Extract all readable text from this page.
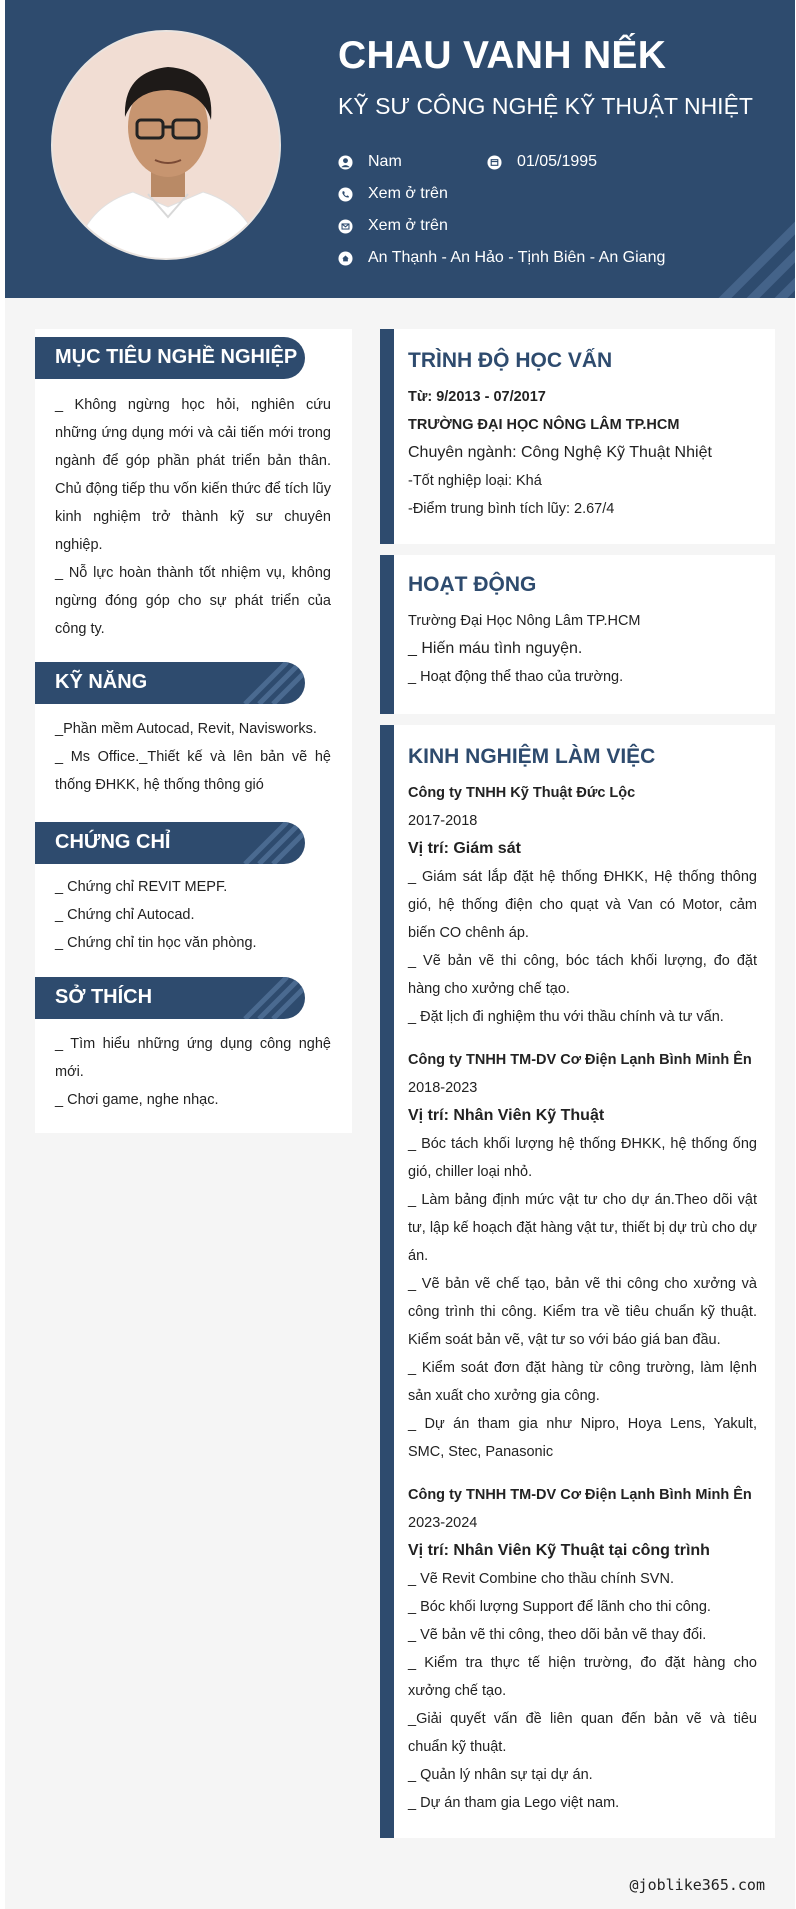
CHAU VANH NẾK
KỸ SƯ CÔNG NGHỆ KỸ THUẬT NHIỆT
Nam	01/05/1995
Xem ở trên
Xem ở trên
An Thạnh - An Hảo - Tịnh Biên - An Giang
MỤC TIÊU NGHỀ NGHIỆP
_ Không ngừng học hỏi, nghiên cứu những ứng dụng mới và cải tiến mới trong ngành để góp phần phát triển bản thân. Chủ động tiếp thu vốn kiến thức để tích lũy kinh nghiệm trở thành kỹ sư chuyên nghiệp.
_ Nỗ lực hoàn thành tốt nhiệm vụ, không ngừng đóng góp cho sự phát triển của công ty.
KỸ NĂNG
_Phần mềm Autocad, Revit, Navisworks.
_ Ms Office._Thiết kế và lên bản vẽ hệ thống ĐHKK, hệ thống thông gió
CHỨNG CHỈ
_ Chứng chỉ REVIT MEPF.
_ Chứng chỉ Autocad.
_ Chứng chỉ tin học văn phòng.
SỞ THÍCH
_ Tìm hiểu những ứng dụng công nghệ mới.
_ Chơi game, nghe nhạc.
TRÌNH ĐỘ HỌC VẤN
Từ: 9/2013 - 07/2017
TRƯỜNG ĐẠI HỌC NÔNG LÂM TP.HCM
Chuyên ngành: Công Nghệ Kỹ Thuật Nhiệt
-Tốt nghiệp loại: Khá
-Điểm trung bình tích lũy: 2.67/4
HOẠT ĐỘNG
Trường Đại Học Nông Lâm TP.HCM
_ Hiến máu tình nguyện.
_ Hoạt động thể thao của trường.
KINH NGHIỆM LÀM VIỆC
Công ty TNHH Kỹ Thuật Đức Lộc
2017-2018
Vị trí: Giám sát
_ Giám sát lắp đặt hệ thống ĐHKK, Hệ thống thông gió, hệ thống điện cho quạt và Van có Motor, cảm biến CO chênh áp.
_ Vẽ bản vẽ thi công, bóc tách khối lượng, đo đặt hàng cho xưởng chế tạo.
_ Đặt lịch đi nghiệm thu với thầu chính và tư vấn.
Công ty TNHH TM-DV Cơ Điện Lạnh Bình Minh Ên
2018-2023
Vị trí: Nhân Viên Kỹ Thuật
_ Bóc tách khối lượng hệ thống ĐHKK, hệ thống ống gió, chiller loại nhỏ.
_ Làm bảng định mức vật tư cho dự án.Theo dõi vật tư, lập kế hoạch đặt hàng vật tư, thiết bị dự trù cho dự án.
_ Vẽ bản vẽ chế tạo, bản vẽ thi công cho xưởng và công trình thi công. Kiểm tra về tiêu chuẩn kỹ thuật. Kiểm soát bản vẽ, vật tư so với báo giá ban đầu.
_ Kiểm soát đơn đặt hàng từ công trường, làm lệnh sản xuất cho xưởng gia công.
_ Dự án tham gia như Nipro, Hoya Lens, Yakult, SMC, Stec, Panasonic
Công ty TNHH TM-DV Cơ Điện Lạnh Bình Minh Ên
2023-2024
Vị trí: Nhân Viên Kỹ Thuật tại công trình
_ Vẽ Revit Combine cho thầu chính SVN.
_ Bóc khối lượng Support để lãnh cho thi công.
_ Vẽ bản vẽ thi công, theo dõi bản vẽ thay đổi.
_ Kiểm tra thực tế hiện trường, đo đặt hàng cho xưởng chế tạo.
_Giải quyết vấn đề liên quan đến bản vẽ và tiêu chuẩn kỹ thuật.
_ Quản lý nhân sự tại dự án.
_ Dự án tham gia Lego việt nam.
@joblike365.com
